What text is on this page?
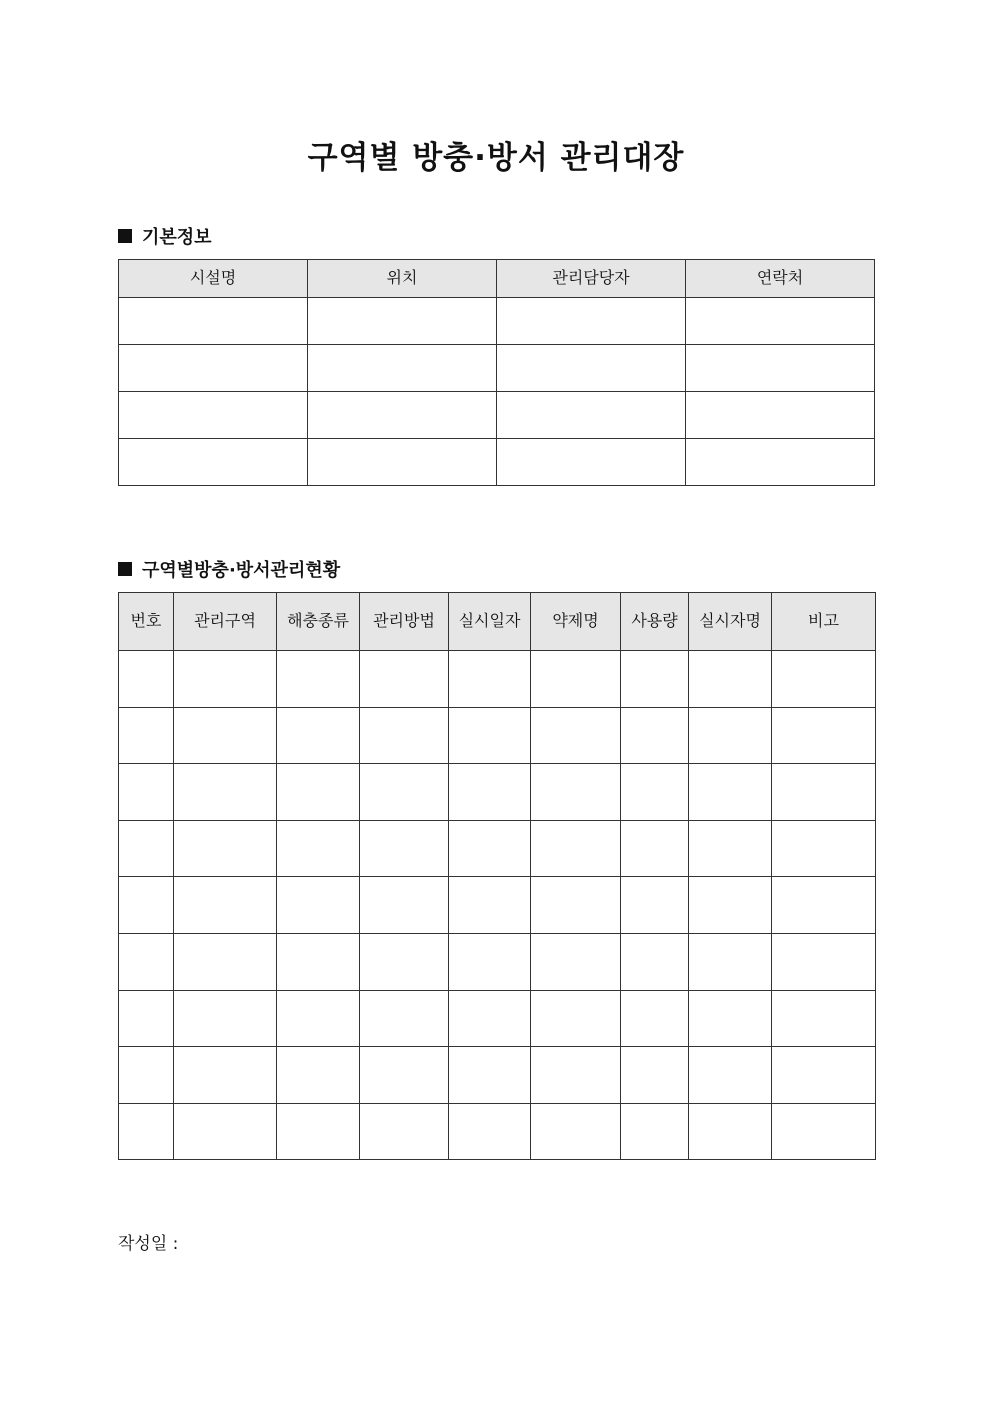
구역별 방충·방서 관리대장
기본정보
시설명	위치	관리담당자	연락처

구역별방충·방서관리현황
번호	관리구역	해충종류	관리방법	실시일자	약제명	사용량	실시자명	비고

작성일 :
